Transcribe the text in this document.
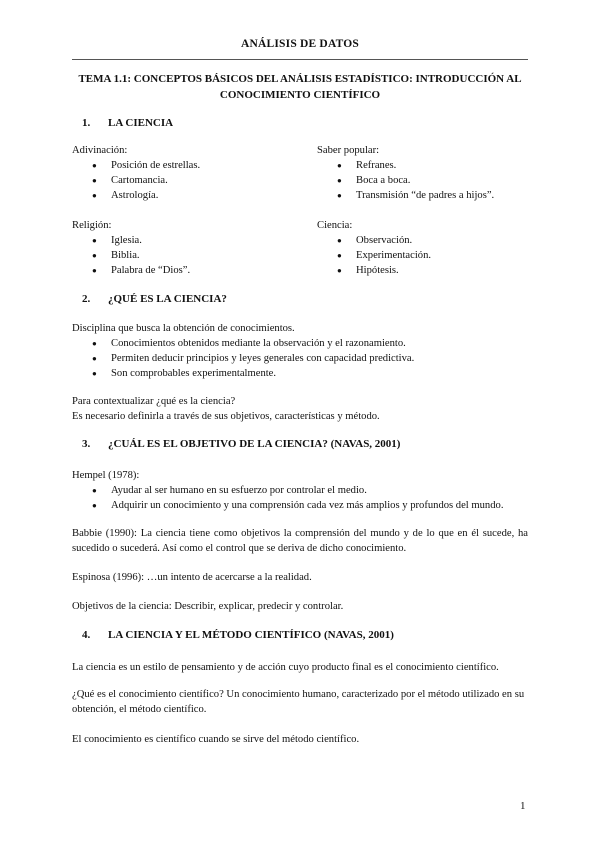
ANÁLISIS DE DATOS
TEMA 1.1: CONCEPTOS BÁSICOS DEL ANÁLISIS ESTADÍSTICO: INTRODUCCIÓN AL
CONOCIMIENTO CIENTÍFICO
1. LA CIENCIA
Adivinación:
● Posición de estrellas.
● Cartomancia.
● Astrología.
Saber popular:
● Refranes.
● Boca a boca.
● Transmisión “de padres a hijos”.
Religión:
● Iglesia.
● Biblia.
● Palabra de “Dios”.
Ciencia:
● Observación.
● Experimentación.
● Hipótesis.
2. ¿QUÉ ES LA CIENCIA?
Disciplina que busca la obtención de conocimientos.
● Conocimientos obtenidos mediante la observación y el razonamiento.
● Permiten deducir principios y leyes generales con capacidad predictiva.
● Son comprobables experimentalmente.
Para contextualizar ¿qué es la ciencia?
Es necesario definirla a través de sus objetivos, características y método.
3. ¿CUÁL ES EL OBJETIVO DE LA CIENCIA? (NAVAS, 2001)
Hempel (1978):
● Ayudar al ser humano en su esfuerzo por controlar el medio.
● Adquirir un conocimiento y una comprensión cada vez más amplios y profundos del mundo.
Babbie (1990): La ciencia tiene como objetivos la comprensión del mundo y de lo que en él sucede, ha sucedido o sucederá. Así como el control que se deriva de dicho conocimiento.
Espinosa (1996): …un intento de acercarse a la realidad.
Objetivos de la ciencia: Describir, explicar, predecir y controlar.
4. LA CIENCIA Y EL MÉTODO CIENTÍFICO (NAVAS, 2001)
La ciencia es un estilo de pensamiento y de acción cuyo producto final es el conocimiento científico.
¿Qué es el conocimiento científico? Un conocimiento humano, caracterizado por el método utilizado en su obtención, el método científico.
El conocimiento es científico cuando se sirve del método científico.
1
